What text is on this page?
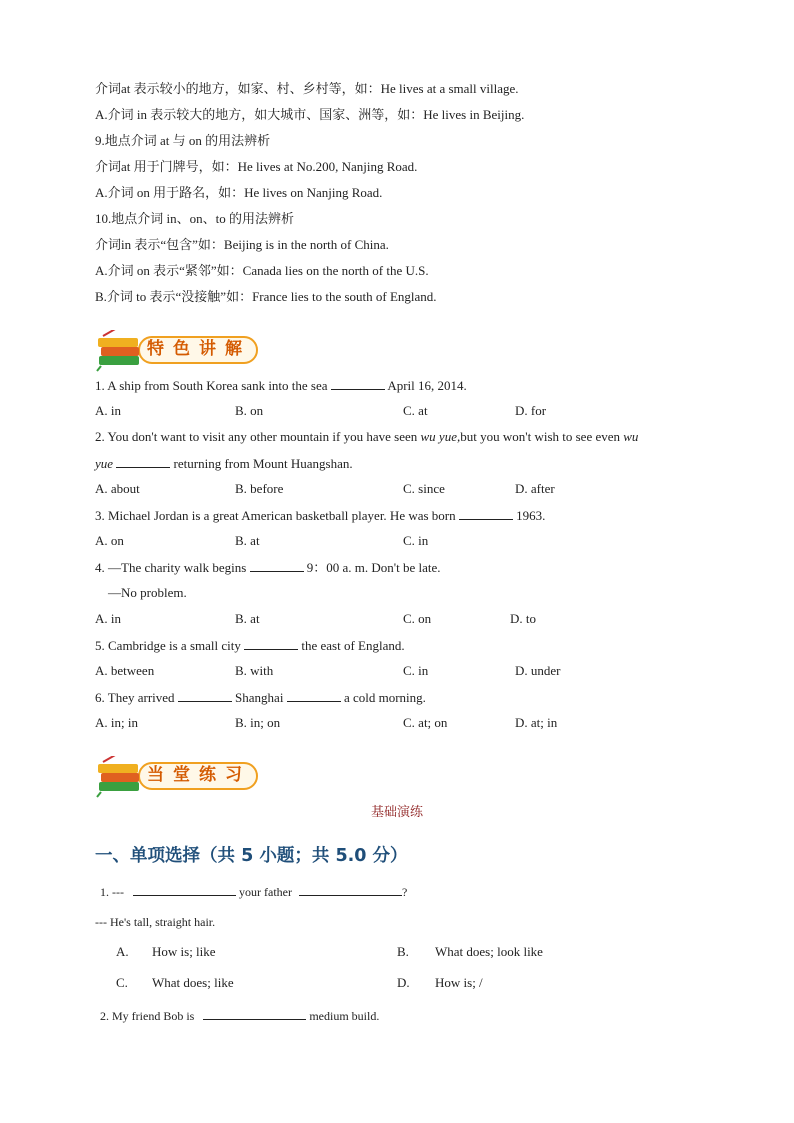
介词at 表示较小的地方，如家、村、乡村等，如：He lives at a small village.
A.介词 in 表示较大的地方，如大城市、国家、洲等，如：He lives in Beijing.
9.地点介词 at 与 on 的用法辨析
介词at 用于门牌号，如：He lives at No.200, Nanjing Road.
A.介词 on 用于路名，如：He lives on Nanjing Road.
10.地点介词 in、on、to 的用法辨析
介词in 表示“包含”如：Beijing is in the north of China.
A.介词 on 表示“紧邻”如：Canada lies on the north of the U.S.
B.介词 to 表示“没接触”如：France lies to the south of England.
特色讲解
1. A ship from South Korea sank into the sea	April 16, 2014.
A. in	B. on	C. at	D. for
2. You don't want to visit any other mountain if you have seen wu yue,but you won't wish to see even wu
yue	returning from Mount Huangshan.
A. about	B. before	C. since	D. after
3. Michael Jordan is a great American basketball player. He was born	1963.
A. on	B. at	C. in
4. —The charity walk begins	9：00 a. m. Don't be late.
—No problem.
A. in	B. at	C. on	D. to
5. Cambridge is a small city	the east of England.
A. between	B. with	C. in	D. under
6. They arrived	Shanghai	a cold morning.
A. in; in	B. in; on	C. at; on	D. at; in
当堂练习
基础演练
一、单项选择（共 5 小题；共 5.0 分）
1. ---	your father	?
--- He's tall, straight hair.
A. How is; like	B. What does; look like
C. What does; like	D. How is; /
2. My friend Bob is	medium build.
